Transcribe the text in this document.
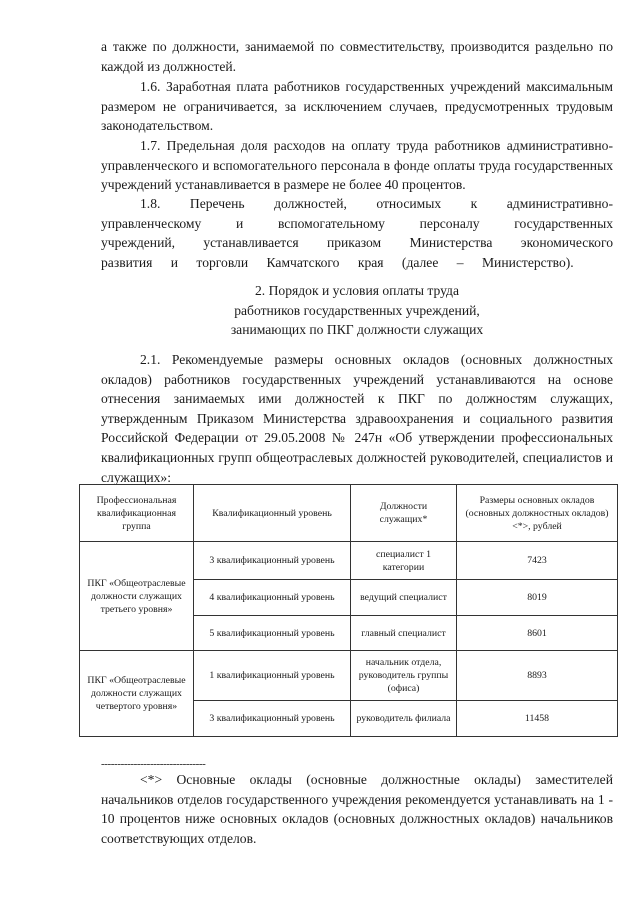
а также по должности, занимаемой по совместительству, производится раздельно по каждой из должностей.

1.6. Заработная плата работников государственных учреждений максимальным размером не ограничивается, за исключением случаев, предусмотренных трудовым законодательством.

1.7. Предельная доля расходов на оплату труда работников административно-управленческого и вспомогательного персонала в фонде оплаты труда государственных учреждений устанавливается в размере не более 40 процентов.

1.8. Перечень должностей, относимых к административно-управленческому и вспомогательному персоналу государственных учреждений, устанавливается приказом Министерства экономического развития и торговли Камчатского края (далее – Министерство).

2. Порядок и условия оплаты труда
работников государственных учреждений,
занимающих по ПКГ должности служащих

2.1. Рекомендуемые размеры основных окладов (основных должностных окладов) работников государственных учреждений устанавливаются на основе отнесения занимаемых ими должностей к ПКГ по должностям служащих, утвержденным Приказом Министерства здравоохранения и социального развития Российской Федерации от 29.05.2008 № 247н «Об утверждении профессиональных квалификационных групп общеотраслевых должностей руководителей, специалистов и служащих»:

Профессиональная квалификационная группа	Квалификационный уровень	Должности служащих*	Размеры основных окладов (основных должностных окладов) <*>, рублей
ПКГ «Общеотраслевые должности служащих третьего уровня»	3 квалификационный уровень	специалист 1 категории	7423
	4 квалификационный уровень	ведущий специалист	8019
	5 квалификационный уровень	главный специалист	8601
ПКГ «Общеотраслевые должности служащих четвертого уровня»	1 квалификационный уровень	начальник отдела, руководитель группы (офиса)	8893
	3 квалификационный уровень	руководитель филиала	11458
--------------------------------

<*> Основные оклады (основные должностные оклады) заместителей начальников отделов государственного учреждения рекомендуется устанавливать на 1 - 10 процентов ниже основных окладов (основных должностных окладов) начальников соответствующих отделов.
